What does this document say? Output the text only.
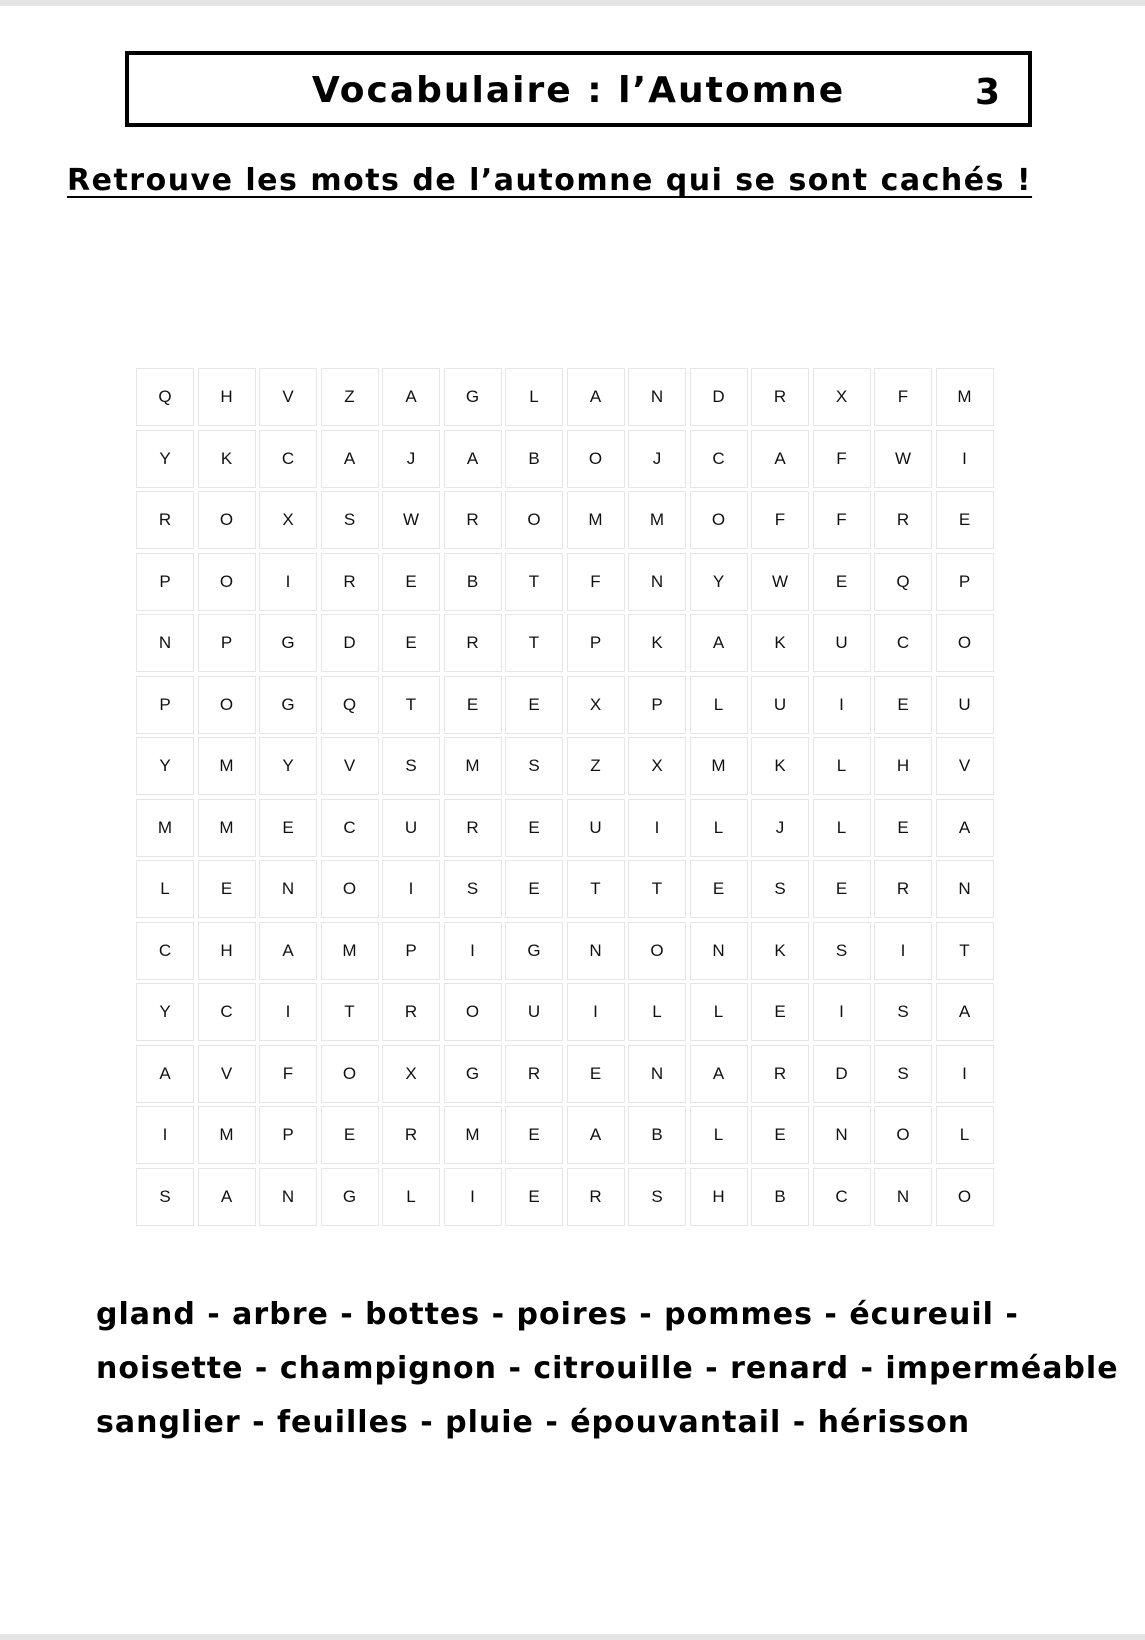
Vocabulaire : l’Automne	3
Retrouve les mots de l’automne qui se sont cachés !
Q	H	V	Z	A	G	L	A	N	D	R	X	F	M
Y	K	C	A	J	A	B	O	J	C	A	F	W	I
R	O	X	S	W	R	O	M	M	O	F	F	R	E
P	O	I	R	E	B	T	F	N	Y	W	E	Q	P
N	P	G	D	E	R	T	P	K	A	K	U	C	O
P	O	G	Q	T	E	E	X	P	L	U	I	E	U
Y	M	Y	V	S	M	S	Z	X	M	K	L	H	V
M	M	E	C	U	R	E	U	I	L	J	L	E	A
L	E	N	O	I	S	E	T	T	E	S	E	R	N
C	H	A	M	P	I	G	N	O	N	K	S	I	T
Y	C	I	T	R	O	U	I	L	L	E	I	S	A
A	V	F	O	X	G	R	E	N	A	R	D	S	I
I	M	P	E	R	M	E	A	B	L	E	N	O	L
S	A	N	G	L	I	E	R	S	H	B	C	N	O
gland - arbre - bottes - poires - pommes - écureuil -
noisette - champignon - citrouille - renard - imperméable
sanglier - feuilles - pluie - épouvantail - hérisson
